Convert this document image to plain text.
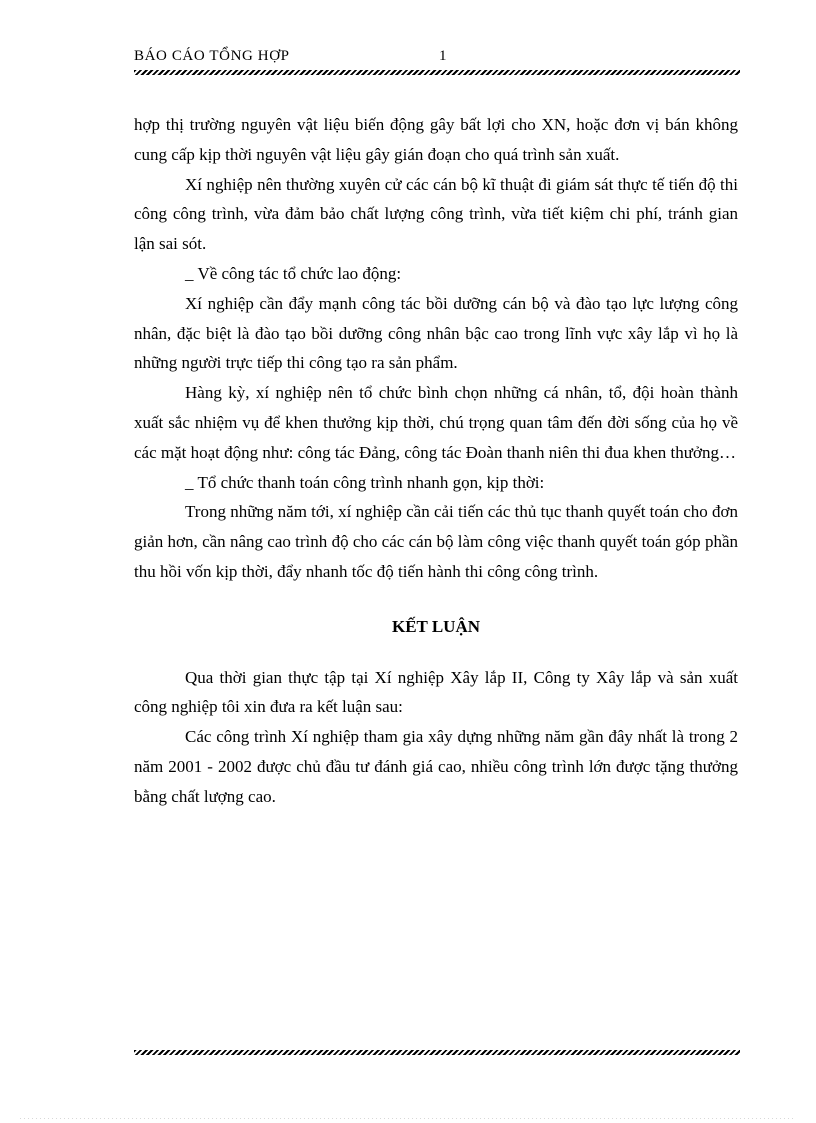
BÁO CÁO TỔNG HỢP	1

hợp thị trường nguyên vật liệu biến động gây bất lợi cho XN, hoặc đơn vị bán không cung cấp kịp thời nguyên vật liệu gây gián đoạn cho quá trình sản xuất.

Xí nghiệp nên thường xuyên cử các cán bộ kĩ thuật đi giám sát thực tế tiến độ thi công công trình, vừa đảm bảo chất lượng công trình, vừa tiết kiệm chi phí, tránh gian lận sai sót.

_ Về công tác tổ chức lao động:

Xí nghiệp cần đẩy mạnh công tác bồi dưỡng cán bộ và đào tạo lực lượng công nhân, đặc biệt là đào tạo bồi dưỡng công nhân bậc cao trong lĩnh vực xây lắp vì họ là những người trực tiếp thi công tạo ra sản phẩm.

Hàng kỳ, xí nghiệp nên tổ chức bình chọn những cá nhân, tổ, đội hoàn thành xuất sắc nhiệm vụ để khen thưởng kịp thời, chú trọng quan tâm đến đời sống của họ về các mặt hoạt động như: công tác Đảng, công tác Đoàn thanh niên thi đua khen thưởng…

_ Tổ chức thanh toán công trình nhanh gọn, kịp thời:

Trong những năm tới, xí nghiệp cần cải tiến các thủ tục thanh quyết toán cho đơn giản hơn, cần nâng cao trình độ cho các cán bộ làm công việc thanh quyết toán góp phần thu hồi vốn kịp thời, đẩy nhanh tốc độ tiến hành thi công công trình.

KẾT LUẬN

Qua thời gian thực tập tại Xí nghiệp Xây lắp II, Công ty Xây lắp và sản xuất công nghiệp tôi xin đưa ra kết luận sau:

Các công trình Xí nghiệp tham gia xây dựng những năm gần đây nhất là trong 2 năm 2001 - 2002 được chủ đầu tư đánh giá cao, nhiều công trình lớn được tặng thưởng bằng chất lượng cao.
